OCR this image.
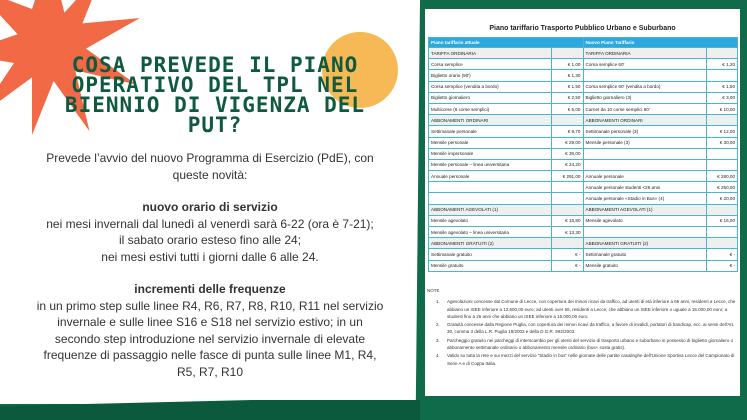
COSA PREVEDE IL PIANO OPERATIVO DEL TPL NEL BIENNIO DI VIGENZA DEL PUT?
Prevede l’avvio del nuovo Programma di Esercizio (PdE), con queste novità:
nuovo orario di servizio
nei mesi invernali dal lunedì al venerdì sarà 6-22 (ora è 7-21);
il sabato orario esteso fino alle 24;
nei mesi estivi tutti i giorni dalle 6 alle 24.
incrementi delle frequenze
in un primo step sulle linee R4, R6, R7, R8, R10, R11 nel servizio invernale e sulle linee S16 e S18 nel servizio estivo; in un secondo step introduzione nel servizio invernale di elevate frequenze di passaggio nelle fasce di punta sulle linee M1, R4, R5, R7, R10
Piano tariffario Trasporto Pubblico Urbano e Suburbano
Piano tariffario attuale		Nuovo Piano Tariffario	
TARIFFA ORDINARIA		TARIFFA ORDINARIA	
Corsa semplice	€ 1,00	Corsa semplice 60'	€ 1,20
Biglietto orario (90')	€ 1,30		
Corsa semplice (vendita a bordo)	€ 1,50	Corsa semplice 60' (vendita a bordo)	€ 1,50
Biglietto giornaliero	€ 2,50	Biglietto giornaliero (3)	€ 3,00
Multicorse (6 corse semplici)	€ 5,00	Carnet da 10 corse semplici 60'	€ 10,00
ABBONAMENTI ORDINARI		ABBONAMENTI ORDINARI	
Settimanale personale	€ 9,70	Settimanale personale (3)	€ 12,00
Mensile personale	€ 29,00	Mensile personale (3)	€ 30,00
Mensile impersonale	€ 36,00		
Mensile personale – linea universitaria	€ 24,20		
Annuale personale	€ 291,00	Annuale personale	€ 280,00
		Annuale personale studenti <26 anni	€ 250,00
		Annuale personale «Stadio in Bus» (4)	€ 20,00
ABBONAMENTI AGEVOLATI (1)		ABBONAMENTI AGEVOLATI (1)	
Mensile agevolato	€ 15,80	Mensile agevolato	€ 16,00
Mensile agevolato – linea universitaria	€ 13,30		
ABBONAMENTI GRATUITI (2)		ABBONAMENTI GRATUITI (2)	
Settimanale gratuito	€ -	Settimanale gratuito	€ -
Mensile gratuito	€ -	Mensile gratuito	€ -
NOTE
1. Agevolazioni concesse dal Comune di Lecce, con copertura dei minori ricavi da traffico, ad utenti di età inferiore a 65 anni, residenti a Lecce, che abbiano un ISEE inferiore a 12.500,00 euro; ad utenti over 65, residenti a Lecce, che abbiano un ISEE inferiore o uguale a 15.000,00 euro; a studenti fino a 26 anni che abbiano un ISEE inferiore a 15.000,00 euro.
2. Gratuità concesse dalla Regione Puglia, con copertura dei minori ricavi da traffico, a favore di invalidi, portatori di handicap, ecc. ai sensi dell'Art. 30, comma 3 della L.R. Puglia 18/2002 e della D.G.R. 992/2003.
3. Parcheggio gratuito nei parcheggi di interscambio per gli utenti del servizio di trasporto urbano e suburbano in possesso di biglietto giornaliero o abbonamento settimanale ordinario o abbonamento mensile ordinario (bus+ sosta gratis).
4. Valido su tutta la rete e sui mezzi del servizio "Stadio in bus" nelle giornate delle partite casalinghe dell'Unione Sportiva Lecce del Campionato di Serie A e di Coppa Italia.
